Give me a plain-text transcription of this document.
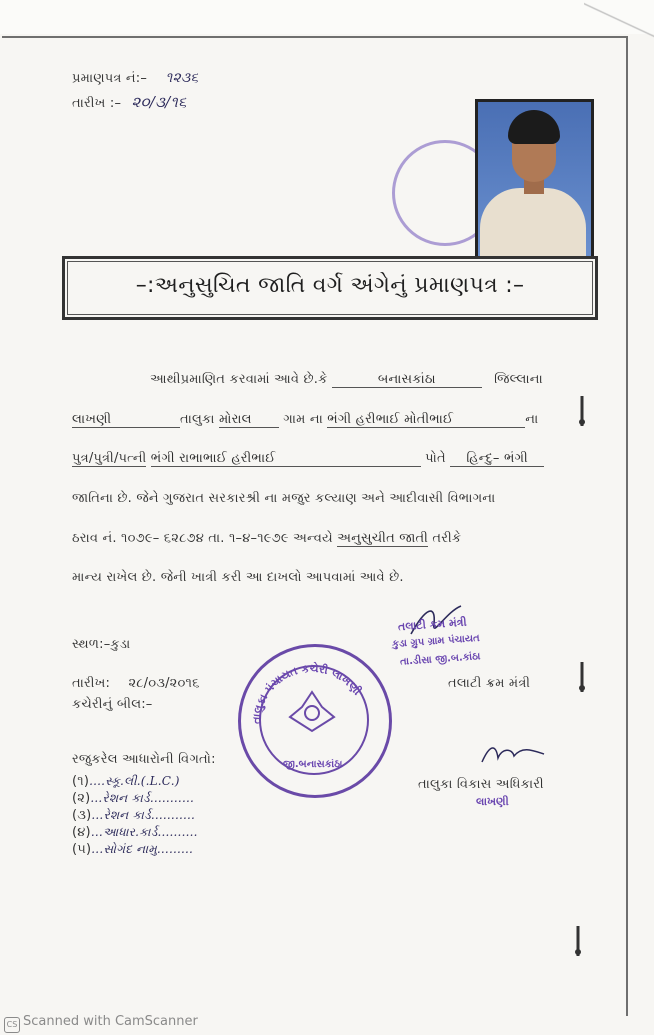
પ્રમાણપત્ર નં:– ૧૨૩૬
તારીખ :– ૨૦/૩/૧૬
–:અનુસુચિત જાતિ વર્ગ અંગેનું પ્રમાણપત્ર :–
આથીપ્રમાણિત કરવામાં આવે છે.કે	બનાસકાંઠા	જિલ્લાના
લાખણી	તાલુકા મોરાલ ગામ ના ભંગી હરીભાઈ મોતીભાઈ	ના
પુત્ર/પુત્રી/પત્ની ભંગી રાભાભાઈ હરીભાઈ	પોતે હિન્દુ– ભંગી
જાતિના છે. જેને ગુજરાત સરકારશ્રી ના મજુર કલ્યાણ અને આદીવાસી વિભાગના
ઠરાવ નં. ૧૦૭૯– ૬૨૮૭૪ તા. ૧–૪–૧૯૭૯ અન્વયે અનુસુચીત જાતી તરીકે
માન્ય રાખેલ છે. જેની ખાત્રી કરી આ દાખલો આપવામાં આવે છે.
સ્થળ:–કુડા
તારીખ: ૨૮/૦૩/૨૦૧૬
કચેરીનું બીલ:–
તલાટી કમ મંત્રી
કુડા ગ્રુપ ગ્રામ પંચાયત
તા.ડીસા જી.બ.કાંઠા
તલાટી ક્રમ મંત્રી
તાલુકા પંચાયત કચેરી લાખણી
જી.બનાસકાંઠા
રજુકરેલ આધારોની વિગતો:
(૧)....સ્કૂ.લી.(.L.C.)
(૨)...રેશન કાર્ડ...........
(૩)...રેશન કાર્ડ...........
(૪)...આધાર.કાર્ડ..........
(૫)...સોગંદ નામુ.........
તાલુકા વિકાસ અધિકારી
લાખણી
CS Scanned with CamScanner
